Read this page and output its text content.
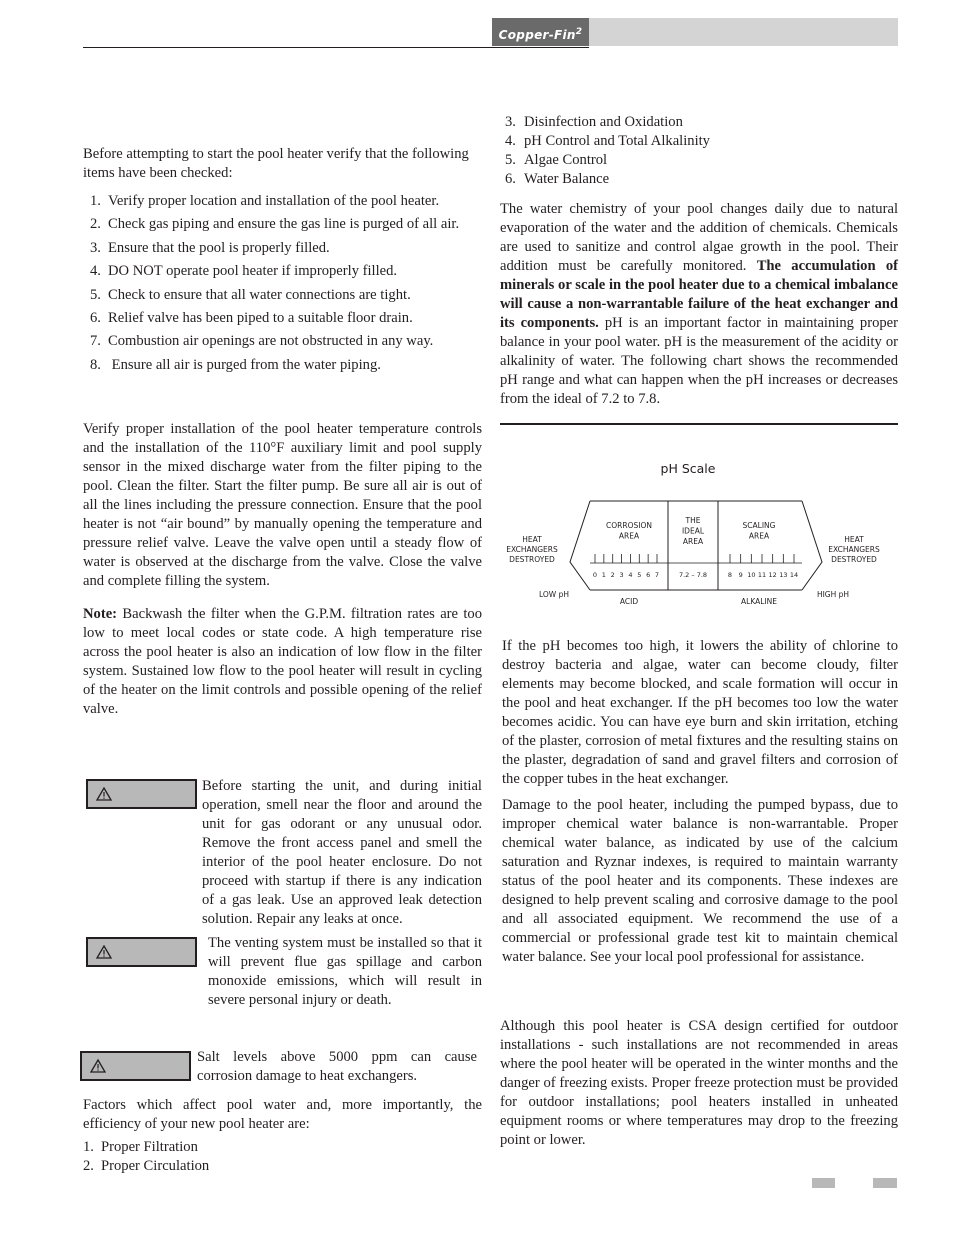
Copper-Fin$^2$

Before attempting to start the pool heater verify that the following items have been checked:

1. Verify proper location and installation of the pool heater.
2. Check gas piping and ensure the gas line is purged of all air.
3. Ensure that the pool is properly filled.
4. DO NOT operate pool heater if improperly filled.
5. Check to ensure that all water connections are tight.
6. Relief valve has been piped to a suitable floor drain.
7. Combustion air openings are not obstructed in any way.
8. Ensure all air is purged from the water piping.

Verify proper installation of the pool heater temperature controls and the installation of the 110°F auxiliary limit and pool supply sensor in the mixed discharge water from the filter piping to the pool. Clean the filter. Start the filter pump. Be sure all air is out of all the lines including the pressure connection. Ensure that the pool heater is not “air bound” by manually opening the temperature and pressure relief valve. Leave the valve open until a steady flow of water is observed at the discharge from the valve. Close the valve and complete filling the system.

Note: Backwash the filter when the G.P.M. filtration rates are too low to meet local codes or state code. A high temperature rise across the pool heater is also an indication of low flow in the filter system. Sustained low flow to the pool heater will result in cycling of the heater on the limit controls and possible opening of the relief valve.

Before starting the unit, and during initial operation, smell near the floor and around the unit for gas odorant or any unusual odor. Remove the front access panel and smell the interior of the pool heater enclosure. Do not proceed with startup if there is any indication of a gas leak. Use an approved leak detection solution. Repair any leaks at once.

The venting system must be installed so that it will prevent flue gas spillage and carbon monoxide emissions, which will result in severe personal injury or death.

Salt levels above 5000 ppm can cause corrosion damage to heat exchangers.

Factors which affect pool water and, more importantly, the efficiency of your new pool heater are:

1. Proper Filtration
2. Proper Circulation
3. Disinfection and Oxidation
4. pH Control and Total Alkalinity
5. Algae Control
6. Water Balance

The water chemistry of your pool changes daily due to natural evaporation of the water and the addition of chemicals. Chemicals are used to sanitize and control algae growth in the pool. Their addition must be carefully monitored. The accumulation of minerals or scale in the pool heater due to a chemical imbalance will cause a non-warrantable failure of the heat exchanger and its components. pH is an important factor in maintaining proper balance in your pool water. pH is the measurement of the acidity or alkalinity of water. The following chart shows the recommended pH range and what can happen when the pH increases or decreases from the ideal of 7.2 to 7.8.

pH Scale
HEAT
EXCHANGERS
DESTROYED
HEAT
EXCHANGERS
DESTROYED
CORROSION
AREA
THE
IDEAL
AREA
SCALING
AREA
0 1 2 3 4 5 6 7	8 9 10 11 12 13 14
7.2 – 7.8
LOW pH	HIGH pH
ACID	ALKALINE

If the pH becomes too high, it lowers the ability of chlorine to destroy bacteria and algae, water can become cloudy, filter elements may become blocked, and scale formation will occur in the pool and heat exchanger. If the pH becomes too low the water becomes acidic. You can have eye burn and skin irritation, etching of the plaster, corrosion of metal fixtures and the resulting stains on the plaster, degradation of sand and gravel filters and corrosion of the copper tubes in the heat exchanger.

Damage to the pool heater, including the pumped bypass, due to improper chemical water balance is non-warrantable. Proper chemical water balance, as indicated by use of the calcium saturation and Ryznar indexes, is required to maintain warranty status of the pool heater and its components. These indexes are designed to help prevent scaling and corrosive damage to the pool and all associated equipment. We recommend the use of a commercial or professional grade test kit to maintain chemical water balance. See your local pool professional for assistance.

Although this pool heater is CSA design certified for outdoor installations - such installations are not recommended in areas where the pool heater will be operated in the winter months and the danger of freezing exists. Proper freeze protection must be provided for outdoor installations; pool heaters installed in unheated equipment rooms or where temperatures may drop to the freezing point or lower.
